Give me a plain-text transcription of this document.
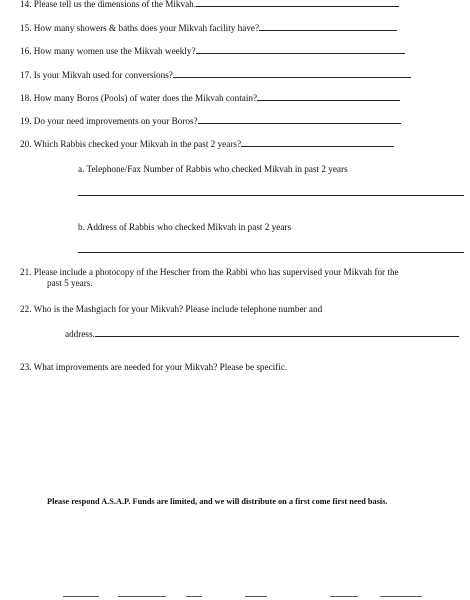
14. Please tell us the dimensions of the Mikvah.
15. How many showers & baths does your Mikvah facility have?
16. How many women use the Mikvah weekly?
17. Is your Mikvah used for conversions?
18. How many Boros (Pools) of water does the Mikvah contain?
19. Do your need improvements on your Boros?
20. Which Rabbis checked your Mikvah in the past 2 years?
a. Telephone/Fax Number of Rabbis who checked Mikvah in past 2 years
b. Address of Rabbis who checked Mikvah in past 2 years
21. Please include a photocopy of the Hescher from the Rabbi who has supervised your Mikvah for the
past 5 years.
22. Who is the Mashgiach for your Mikvah? Please include telephone number and
address.
23. What improvements are needed for your Mikvah? Please be specific.
Please respond A.S.A.P. Funds are limited, and we will distribute on a first come first need basis.
